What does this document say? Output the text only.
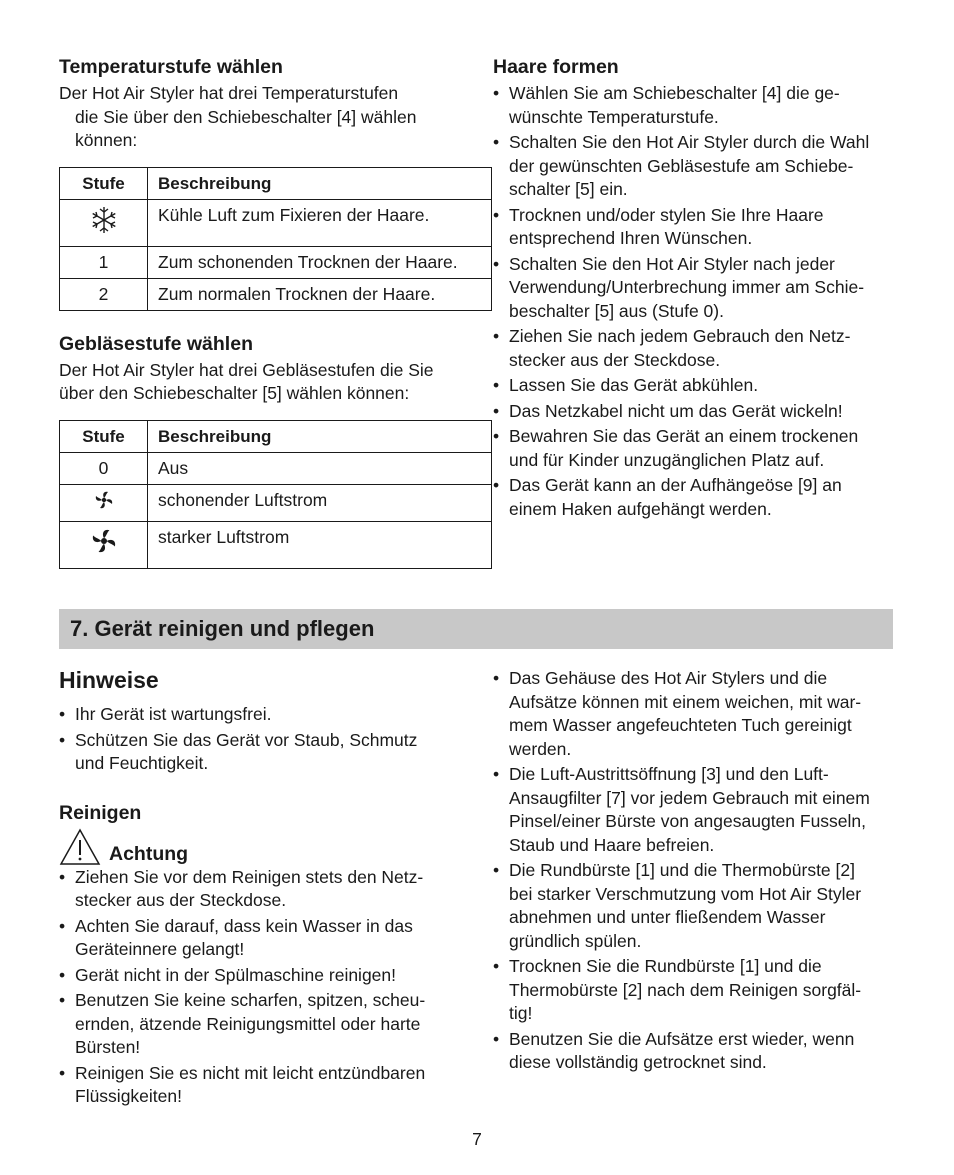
Temperaturstufe wählen

Der Hot Air Styler hat drei Temperaturstufen

die Sie über den Schiebeschalter [4] wählen

können:

Stufe	Beschreibung
	Kühle Luft zum Fixieren der Haare.
1	Zum schonenden Trocknen der Haare.
2	Zum normalen Trocknen der Haare.
Gebläsestufe wählen

Der Hot Air Styler hat drei Gebläsestufen die Sie

über den Schiebeschalter [5] wählen können:

Stufe	Beschreibung
0	Aus
	schonender Luftstrom
	starker Luftstrom
Haare formen
• Wählen Sie am Schiebeschalter [4] die ge-
wünschte Temperaturstufe.
• Schalten Sie den Hot Air Styler durch die Wahl
der gewünschten Gebläsestufe am Schiebe-
schalter [5] ein.
• Trocknen und/oder stylen Sie Ihre Haare
entsprechend Ihren Wünschen.
• Schalten Sie den Hot Air Styler nach jeder
Verwendung/Unterbrechung immer am Schie-
beschalter [5] aus (Stufe 0).
• Ziehen Sie nach jedem Gebrauch den Netz-
stecker aus der Steckdose.
• Lassen Sie das Gerät abkühlen.
• Das Netzkabel nicht um das Gerät wickeln!
• Bewahren Sie das Gerät an einem trockenen
und für Kinder unzugänglichen Platz auf.
• Das Gerät kann an der Aufhängeöse [9] an
einem Haken aufgehängt werden.
7. Gerät reinigen und pflegen
Hinweise
• Ihr Gerät ist wartungsfrei.
• Schützen Sie das Gerät vor Staub, Schmutz
und Feuchtigkeit.
Reinigen
Achtung
• Ziehen Sie vor dem Reinigen stets den Netz-
stecker aus der Steckdose.
• Achten Sie darauf, dass kein Wasser in das
Geräteinnere gelangt!
• Gerät nicht in der Spülmaschine reinigen!
• Benutzen Sie keine scharfen, spitzen, scheu-
ernden, ätzende Reinigungsmittel oder harte
Bürsten!
• Reinigen Sie es nicht mit leicht entzündbaren
Flüssigkeiten!
• Das Gehäuse des Hot Air Stylers und die
Aufsätze können mit einem weichen, mit war-
mem Wasser angefeuchteten Tuch gereinigt
werden.
• Die Luft-Austrittsöffnung [3] und den Luft-
Ansaugfilter [7] vor jedem Gebrauch mit einem
Pinsel/einer Bürste von angesaugten Fusseln,
Staub und Haare befreien.
• Die Rundbürste [1] und die Thermobürste [2]
bei starker Verschmutzung vom Hot Air Styler
abnehmen und unter fließendem Wasser
gründlich spülen.
• Trocknen Sie die Rundbürste [1] und die
Thermobürste [2] nach dem Reinigen sorgfäl-
tig!
• Benutzen Sie die Aufsätze erst wieder, wenn
diese vollständig getrocknet sind.
7
